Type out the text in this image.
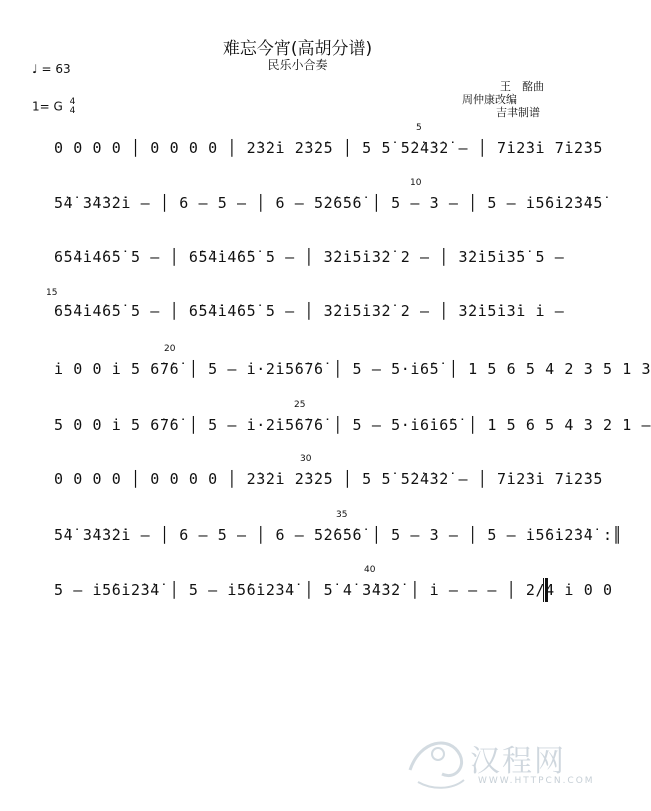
难忘今宵(高胡分谱)
民乐小合奏
♩ = 63
1= G 4
4
王　酩曲
周仲康改编
吉聿制谱
5
0 0 0 0 │ 0 0 0 0 │ 2̇3̇2̇i̇ 2̇3̇2̇5 │ 5 5̇ 5̇2̇4̇3̇2̇ – │ 7̇i̇2̇3̇i̇ 7̇i̇2̇3̇5
10
5̇4̇ 3̇4̇3̇2̇i̇ – │ 6 – 5 – │ 6 – 5̇2̇6̇5̇6̇ │ 5 – 3 – │ 5 – i̇5̇6̇i̇2̇3̇4̇5̇
6̇5̇4̇i̇4̇6̇5̇ 5 – │ 6̇5̇4̇i̇4̇6̇5̇ 5 – │ 3̇2̇i̇5̇i̇3̇2̇ 2 – │ 3̇2̇i̇5̇i̇3̇5̇ 5 –
15
6̇5̇4̇i̇4̇6̇5̇ 5 – │ 6̇5̇4̇i̇4̇6̇5̇ 5 – │ 3̇2̇i̇5̇i̇3̇2̇ 2 – │ 3̇2̇i̇5̇i̇3̇i̇ i̇ –
20
i̇ 0 0 i̇ 5 6̇7̇6̇ │ 5 – i̇·2̇i̇5̇6̇7̇6̇ │ 5 – 5·i̇6̇5̇ │ 1 5 6 5 4 2 3 5 1 3
25
5 0 0 i̇ 5 6̇7̇6̇ │ 5 – i̇·2̇i̇5̇6̇7̇6̇ │ 5 – 5·i̇6̇i̇6̇5̇ │ 1 5 6 5 4 3 2 1 –
30
0 0 0 0 │ 0 0 0 0 │ 2̇3̇2̇i̇ 2̇3̇2̇5 │ 5 5̇ 5̇2̇4̇3̇2̇ – │ 7̇i̇2̇3̇i̇ 7̇i̇2̇3̇5
35
5̇4̇ 3̇4̇3̇2̇i̇ – │ 6 – 5 – │ 6 – 5̇2̇6̇5̇6̇ │ 5 – 3 – │ 5 – i̇5̇6̇i̇2̇3̇4̇ :║
40
5 – i̇5̇6̇i̇2̇3̇4̇ │ 5 – i̇5̇6̇i̇2̇3̇4̇ │ 5̇ 4̇ 3̇4̇3̇2̇ │ i̇ – – – │ 2/4 i̇ 0 0
汉程网
WWW.HTTPCN.COM
